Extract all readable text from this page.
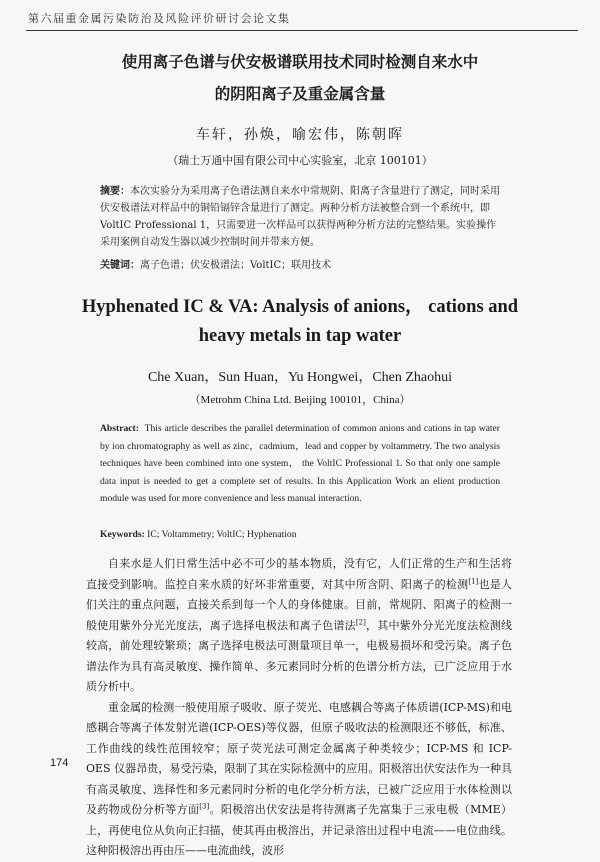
第六届重金属污染防治及风险评价研讨会论文集
使用离子色谱与伏安极谱联用技术同时检测自来水中
的阴阳离子及重金属含量
车轩，孙焕，喻宏伟，陈朝晖
（瑞士万通中国有限公司中心实验室，北京 100101）
摘要：本次实验分为采用离子色谱法测自来水中常规阴、阳离子含量进行了测定，同时采用伏安极谱法对样品中的铜铅镉锌含量进行了测定。两种分析方法被整合到一个系统中，即 VoltIC Professional 1，只需要进一次样品可以获得两种分析方法的完整结果。实验操作采用案例自动发生器以减少控制时间并带来方便。
关键词：离子色谱；伏安极谱法；VoltIC；联用技术
Hyphenated IC & VA: Analysis of anions， cations and
heavy metals in tap water
Che Xuan，Sun Huan，Yu Hongwei，Chen Zhaohui
（Metrohm China Ltd. Beijing 100101，China）
Abstract: This article describes the parallel determination of common anions and cations in tap water by ion chromatography as well as zinc，cadmium，lead and copper by voltammetry. The two analysis techniques have been combined into one system， the VoltIC Professional 1. So that only one sample data input is needed to get a complete set of results. In this Application Work an elient production module was used for more convenience and less manual interaction.
Keywords: IC; Voltammetry; VoltIC; Hyphenation

自来水是人们日常生活中必不可少的基本物质，没有它，人们正常的生产和生活将直接受到影响。监控自来水质的好坏非常重要，对其中所含阴、阳离子的检测[1]也是人们关注的重点问题，直接关系到每一个人的身体健康。目前，常规阴、阳离子的检测一般使用紫外分光光度法，离子选择电极法和离子色谱法[2]，其中紫外分光光度法检测线较高，前处理较繁琐；离子选择电极法可测量项目单一，电极易损坏和受污染。离子色谱法作为具有高灵敏度、操作简单、多元素同时分析的色谱分析方法，已广泛应用于水质分析中。

重金属的检测一般使用原子吸收、原子荧光、电感耦合等离子体质谱(ICP-MS)和电感耦合等离子体发射光谱(ICP-OES)等仪器，但原子吸收法的检测限还不够低，标准、工作曲线的线性范围较窄；原子荧光法可测定金属离子种类较少；ICP-MS 和 ICP-OES 仪器昂贵，易受污染，限制了其在实际检测中的应用。阳极溶出伏安法作为一种具有高灵敏度、选择性和多元素同时分析的电化学分析方法，已被广泛应用于水体检测以及药物成份分析等方面[3]。阳极溶出伏安法是将待测离子先富集于三汞电极（MME）上，再使电位从负向正扫描，使其再由极溶出，并记录溶出过程中电流——电位曲线。这种阳极溶出再由压——电流曲线，波形

174
